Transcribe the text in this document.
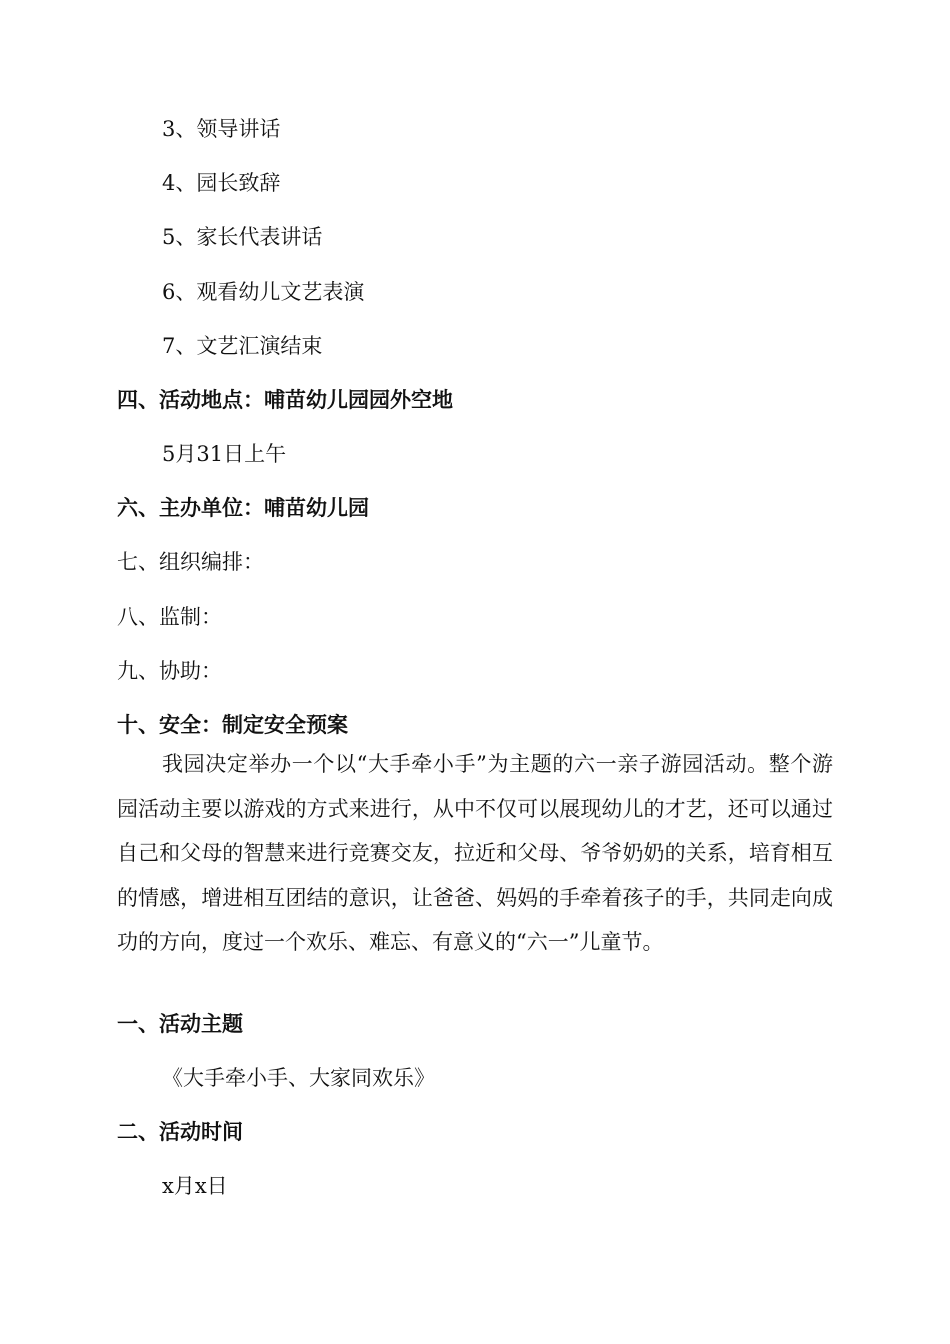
3、领导讲话
4、园长致辞
5、家长代表讲话
6、观看幼儿文艺表演
7、文艺汇演结束
四、活动地点：哺苗幼儿园园外空地
5月31日上午
六、主办单位：哺苗幼儿园
七、组织编排：
八、监制：
九、协助：
十、安全：制定安全预案
我园决定举办一个以“大手牵小手”为主题的六一亲子游园活动。整个游园活动主要以游戏的方式来进行，从中不仅可以展现幼儿的才艺，还可以通过自己和父母的智慧来进行竞赛交友，拉近和父母、爷爷奶奶的关系，培育相互的情感，增进相互团结的意识，让爸爸、妈妈的手牵着孩子的手，共同走向成功的方向，度过一个欢乐、难忘、有意义的“六一”儿童节。
一、活动主题
《大手牵小手、大家同欢乐》
二、活动时间
x月x日
